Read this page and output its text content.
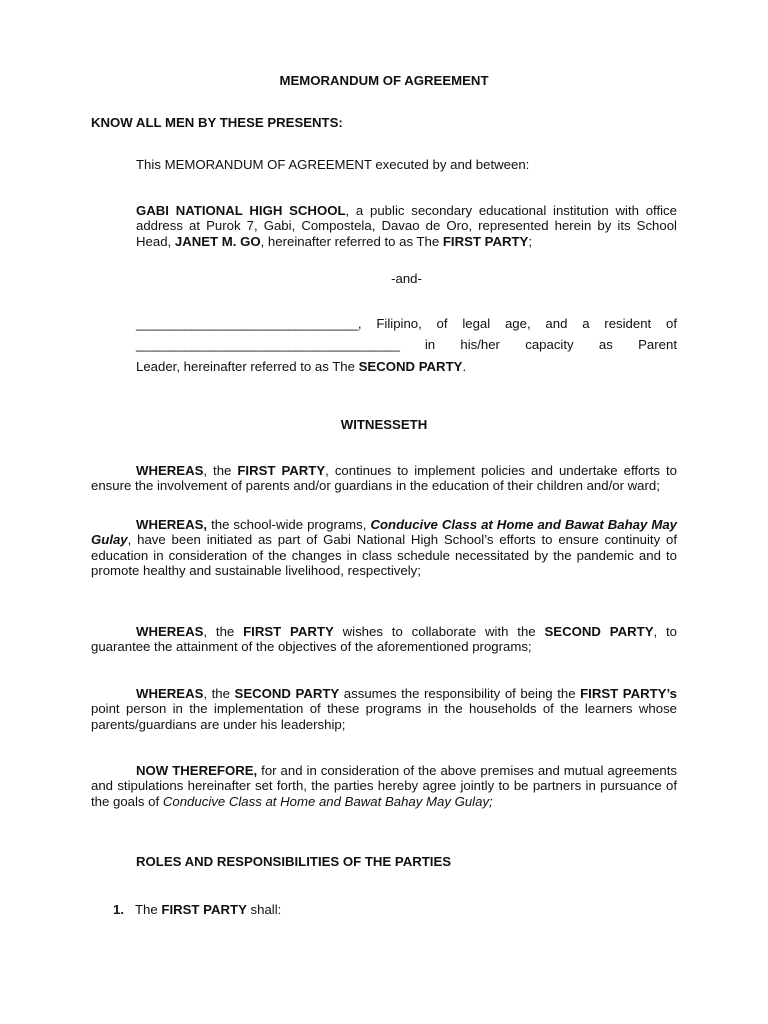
MEMORANDUM OF AGREEMENT

KNOW ALL MEN BY THESE PRESENTS:

This MEMORANDUM OF AGREEMENT executed by and between:

GABI NATIONAL HIGH SCHOOL, a public secondary educational institution with office address at Purok 7, Gabi, Compostela, Davao de Oro, represented herein by its School Head, JANET M. GO, hereinafter referred to as The FIRST PARTY;

-and-

________________________________, Filipino, of legal age, and a resident of

______________________________________ in his/her capacity as Parent

Leader, hereinafter referred to as The SECOND PARTY.

WITNESSETH

WHEREAS, the FIRST PARTY, continues to implement policies and undertake efforts to ensure the involvement of parents and/or guardians in the education of their children and/or ward;

WHEREAS, the school-wide programs, Conducive Class at Home and Bawat Bahay May Gulay, have been initiated as part of Gabi National High School’s efforts to ensure continuity of education in consideration of the changes in class schedule necessitated by the pandemic and to promote healthy and sustainable livelihood, respectively;

WHEREAS, the FIRST PARTY wishes to collaborate with the SECOND PARTY, to guarantee the attainment of the objectives of the aforementioned programs;

WHEREAS, the SECOND PARTY assumes the responsibility of being the FIRST PARTY’s point person in the implementation of these programs in the households of the learners whose parents/guardians are under his leadership;

NOW THEREFORE, for and in consideration of the above premises and mutual agreements and stipulations hereinafter set forth, the parties hereby agree jointly to be partners in pursuance of the goals of Conducive Class at Home and Bawat Bahay May Gulay;

ROLES AND RESPONSIBILITIES OF THE PARTIES

1. The FIRST PARTY shall:
